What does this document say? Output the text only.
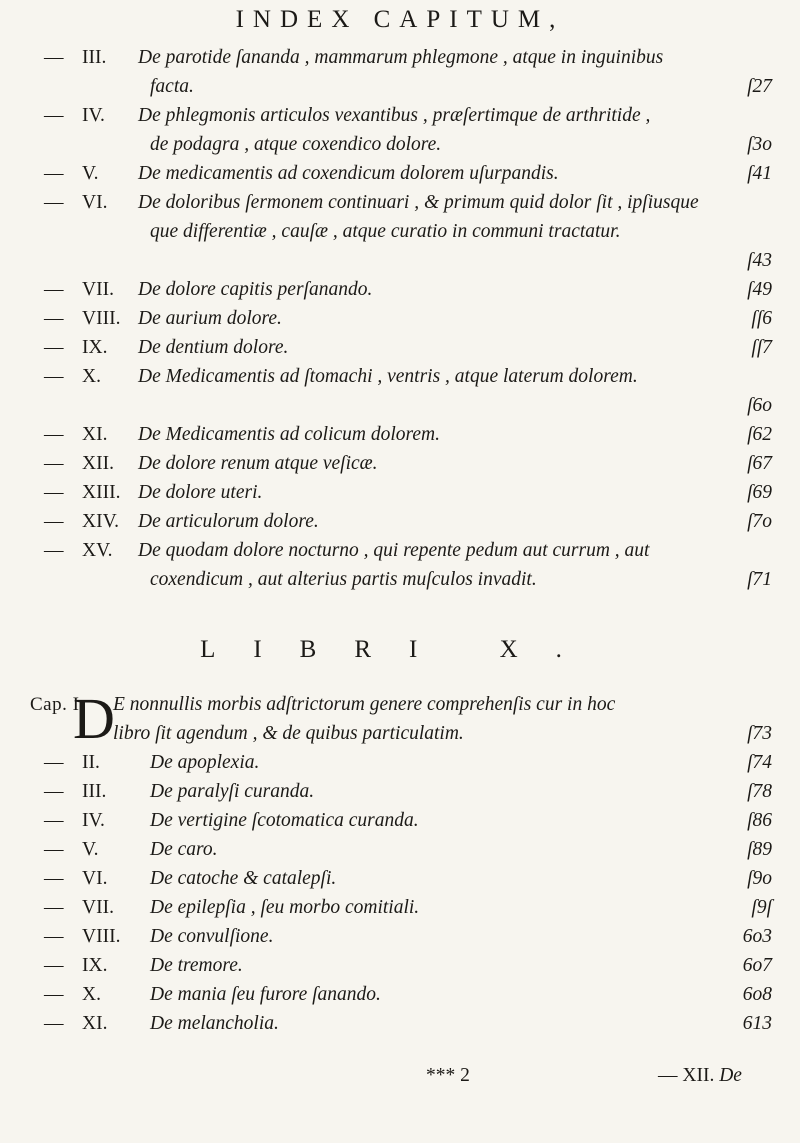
INDEX CAPITUM,
— III. De parotide ſananda , mammarum phlegmone , atque in inguinibus
facta.	ſ27
— IV. De phlegmonis articulos vexantibus , præſertimque de arthritide ,
de podagra , atque coxendico dolore.	ſ3o
— V. De medicamentis ad coxendicum dolorem uſurpandis.	ſ41
— VI. De doloribus ſermonem continuari , & primum quid dolor ſit , ipſiusque
que differentiæ , cauſæ , atque curatio in communi tractatur.
ſ43
— VII. De dolore capitis perſanando.	ſ49
— VIII. De aurium dolore.	ſſ6
— IX. De dentium dolore.	ſſ7
— X. De Medicamentis ad ſtomachi , ventris , atque laterum dolorem.
ſ6o
— XI. De Medicamentis ad colicum dolorem.	ſ62
— XII. De dolore renum atque veſicæ.	ſ67
— XIII. De dolore uteri.	ſ69
— XIV. De articulorum dolore.	ſ7o
— XV. De quodam dolore nocturno , qui repente pedum aut currum , aut
coxendicum , aut alterius partis muſculos invadit.	ſ71
LIBRI X.
Cap. I.
D
E nonnullis morbis adſtrictorum genere comprehenſis cur in hoc
libro ſit agendum , & de quibus particulatim.	ſ73
— II.	De apoplexia.	ſ74
— III. De paralyſi curanda.	ſ78
— IV. De vertigine ſcotomatica curanda.	ſ86
— V.	De caro.	ſ89
— VI. De catoche & catalepſi.	ſ9o
— VII. De epilepſia , ſeu morbo comitiali.	ſ9ſ
— VIII. De convulſione.	6o3
— IX. De tremore.	6o7
— X.	De mania ſeu furore ſanando.	6o8
— XI. De melancholia.	613
*** 2	— XII. De
